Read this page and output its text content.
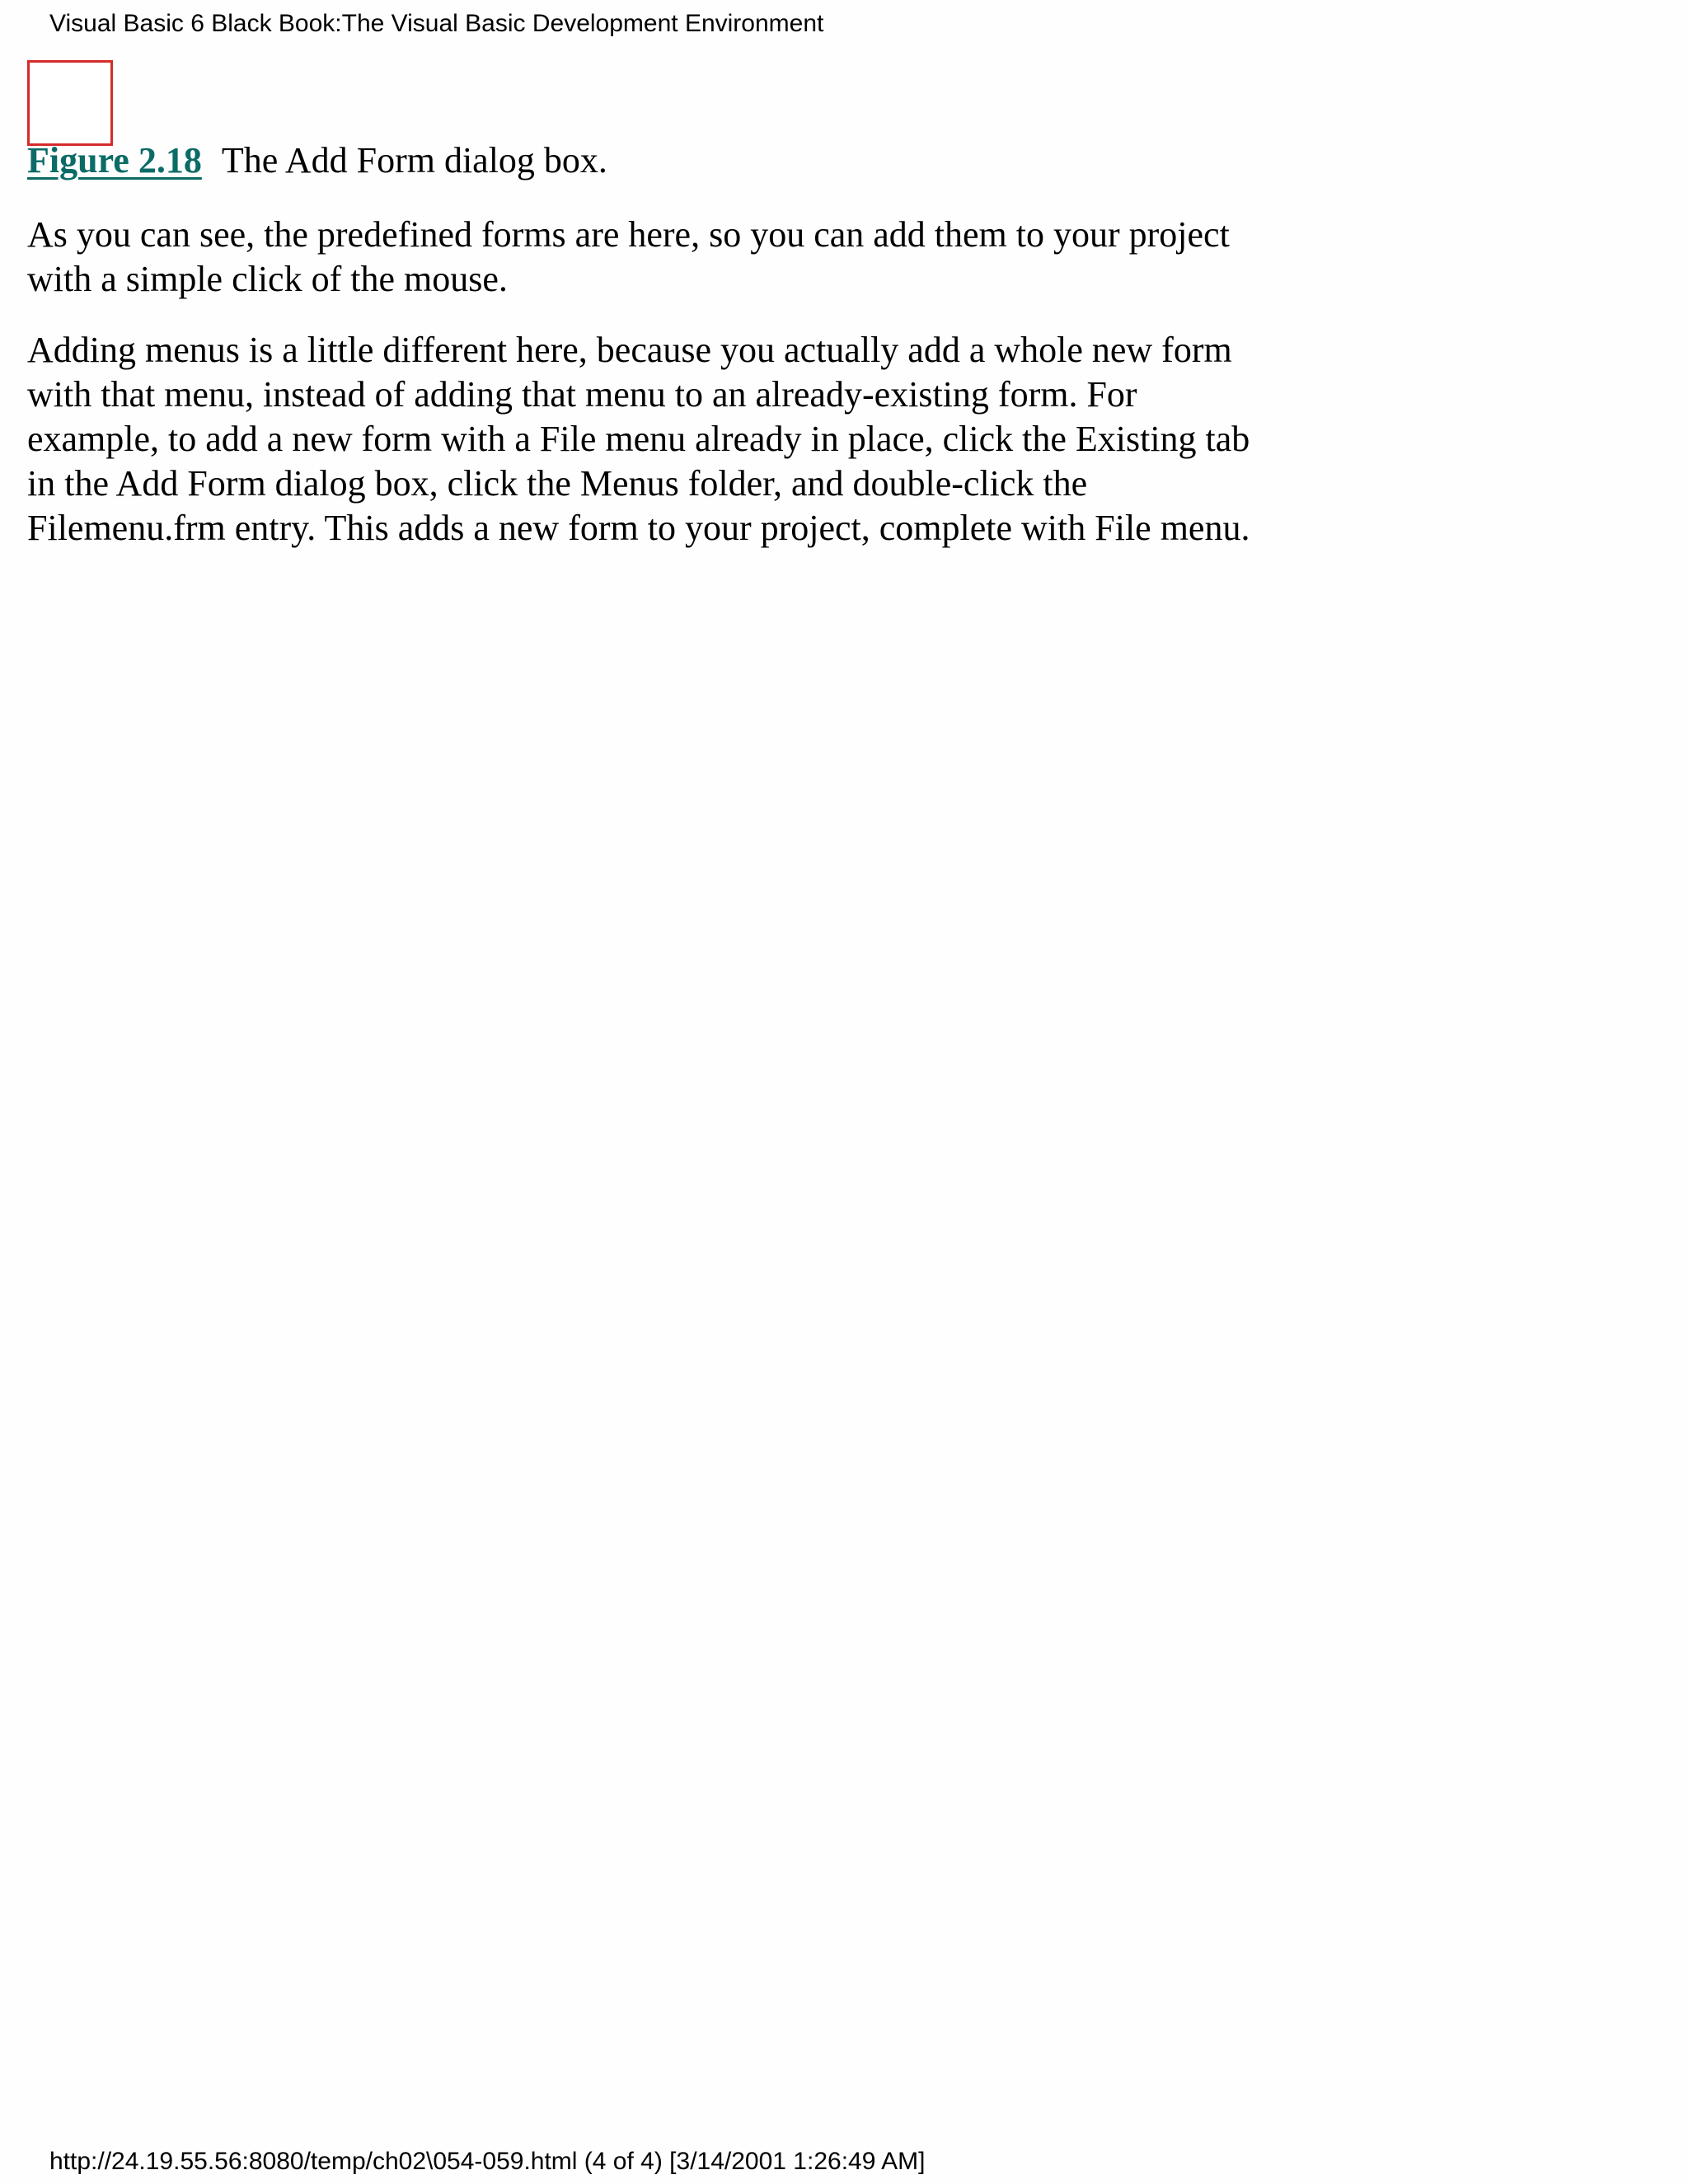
Visual Basic 6 Black Book:The Visual Basic Development Environment

Figure 2.18 The Add Form dialog box.

As you can see, the predefined forms are here, so you can add them to your project
with a simple click of the mouse.

Adding menus is a little different here, because you actually add a whole new form
with that menu, instead of adding that menu to an already-existing form. For
example, to add a new form with a File menu already in place, click the Existing tab
in the Add Form dialog box, click the Menus folder, and double-click the
Filemenu.frm entry. This adds a new form to your project, complete with File menu.

http://24.19.55.56:8080/temp/ch02\054-059.html (4 of 4) [3/14/2001 1:26:49 AM]
